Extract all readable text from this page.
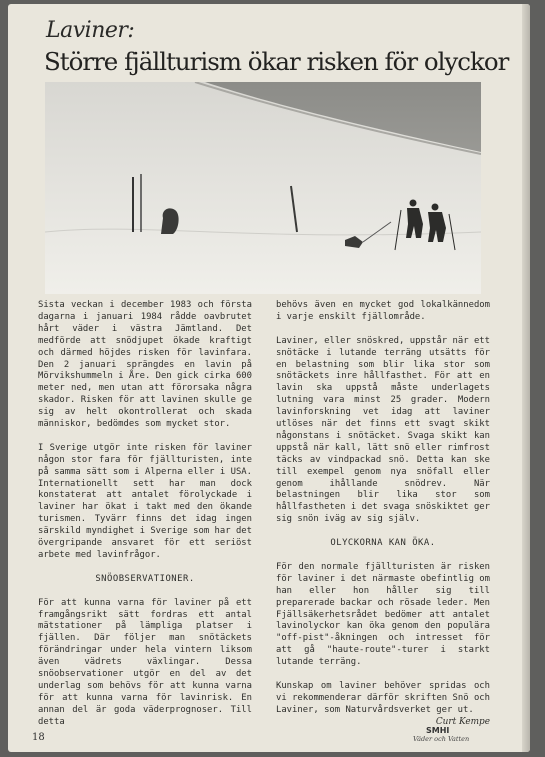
Laviner:
Större fjällturism ökar risken för olyckor

Sista veckan i december 1983 och första dagarna i januari 1984 rådde oavbrutet hårt väder i västra Jämtland. Det medförde att snödjupet ökade kraftigt och därmed höjdes risken för lavinfara. Den 2 januari sprängdes en lavin på Mörvikshummeln i Åre. Den gick cirka 600 meter ned, men utan att förorsaka några skador. Risken för att lavinen skulle ge sig av helt okontrollerat och skada människor, bedömdes som mycket stor.

I Sverige utgör inte risken för laviner någon stor fara för fjällturisten, inte på samma sätt som i Alperna eller i USA. Internationellt sett har man dock konstaterat att antalet förolyckade i laviner har ökat i takt med den ökande turismen. Tyvärr finns det idag ingen särskild myndighet i Sverige som har det övergripande ansvaret för ett seriöst arbete med lavinfrågor.

SNÖOBSERVATIONER.

För att kunna varna för laviner på ett framgångsrikt sätt fordras ett antal mätstationer på lämpliga platser i fjällen. Där följer man snötäckets förändringar under hela vintern liksom även vädrets växlingar. Dessa snöobservationer utgör en del av det underlag som behövs för att kunna varna för att kunna varna för lavinrisk. En annan del är goda väderprognoser. Till detta

behövs även en mycket god lokalkännedom i varje enskilt fjällområde.

Laviner, eller snöskred, uppstår när ett snötäcke i lutande terräng utsätts för en belastning som blir lika stor som snötäckets inre hållfasthet. För att en lavin ska uppstå måste underlagets lutning vara minst 25 grader. Modern lavinforskning vet idag att laviner utlöses när det finns ett svagt skikt någonstans i snötäcket. Svaga skikt kan uppstå när kall, lätt snö eller rimfrost täcks av vindpackad snö. Detta kan ske till exempel genom nya snöfall eller genom ihållande snödrev. När belastningen blir lika stor som hållfastheten i det svaga snöskiktet ger sig snön iväg av sig själv.

OLYCKORNA KAN ÖKA.

För den normale fjällturisten är risken för laviner i det närmaste obefintlig om han eller hon håller sig till preparerade backar och rösade leder. Men Fjällsäkerhetsrådet bedömer att antalet lavinolyckor kan öka genom den populära "off-pist"-åkningen och intresset för att gå "haute-route"-turer i starkt lutande terräng.

Kunskap om laviner behöver spridas och vi rekommenderar därför skriften Snö och Laviner, som Naturvårdsverket ger ut.

Curt Kempe
18
SMHI
Väder och Vatten
